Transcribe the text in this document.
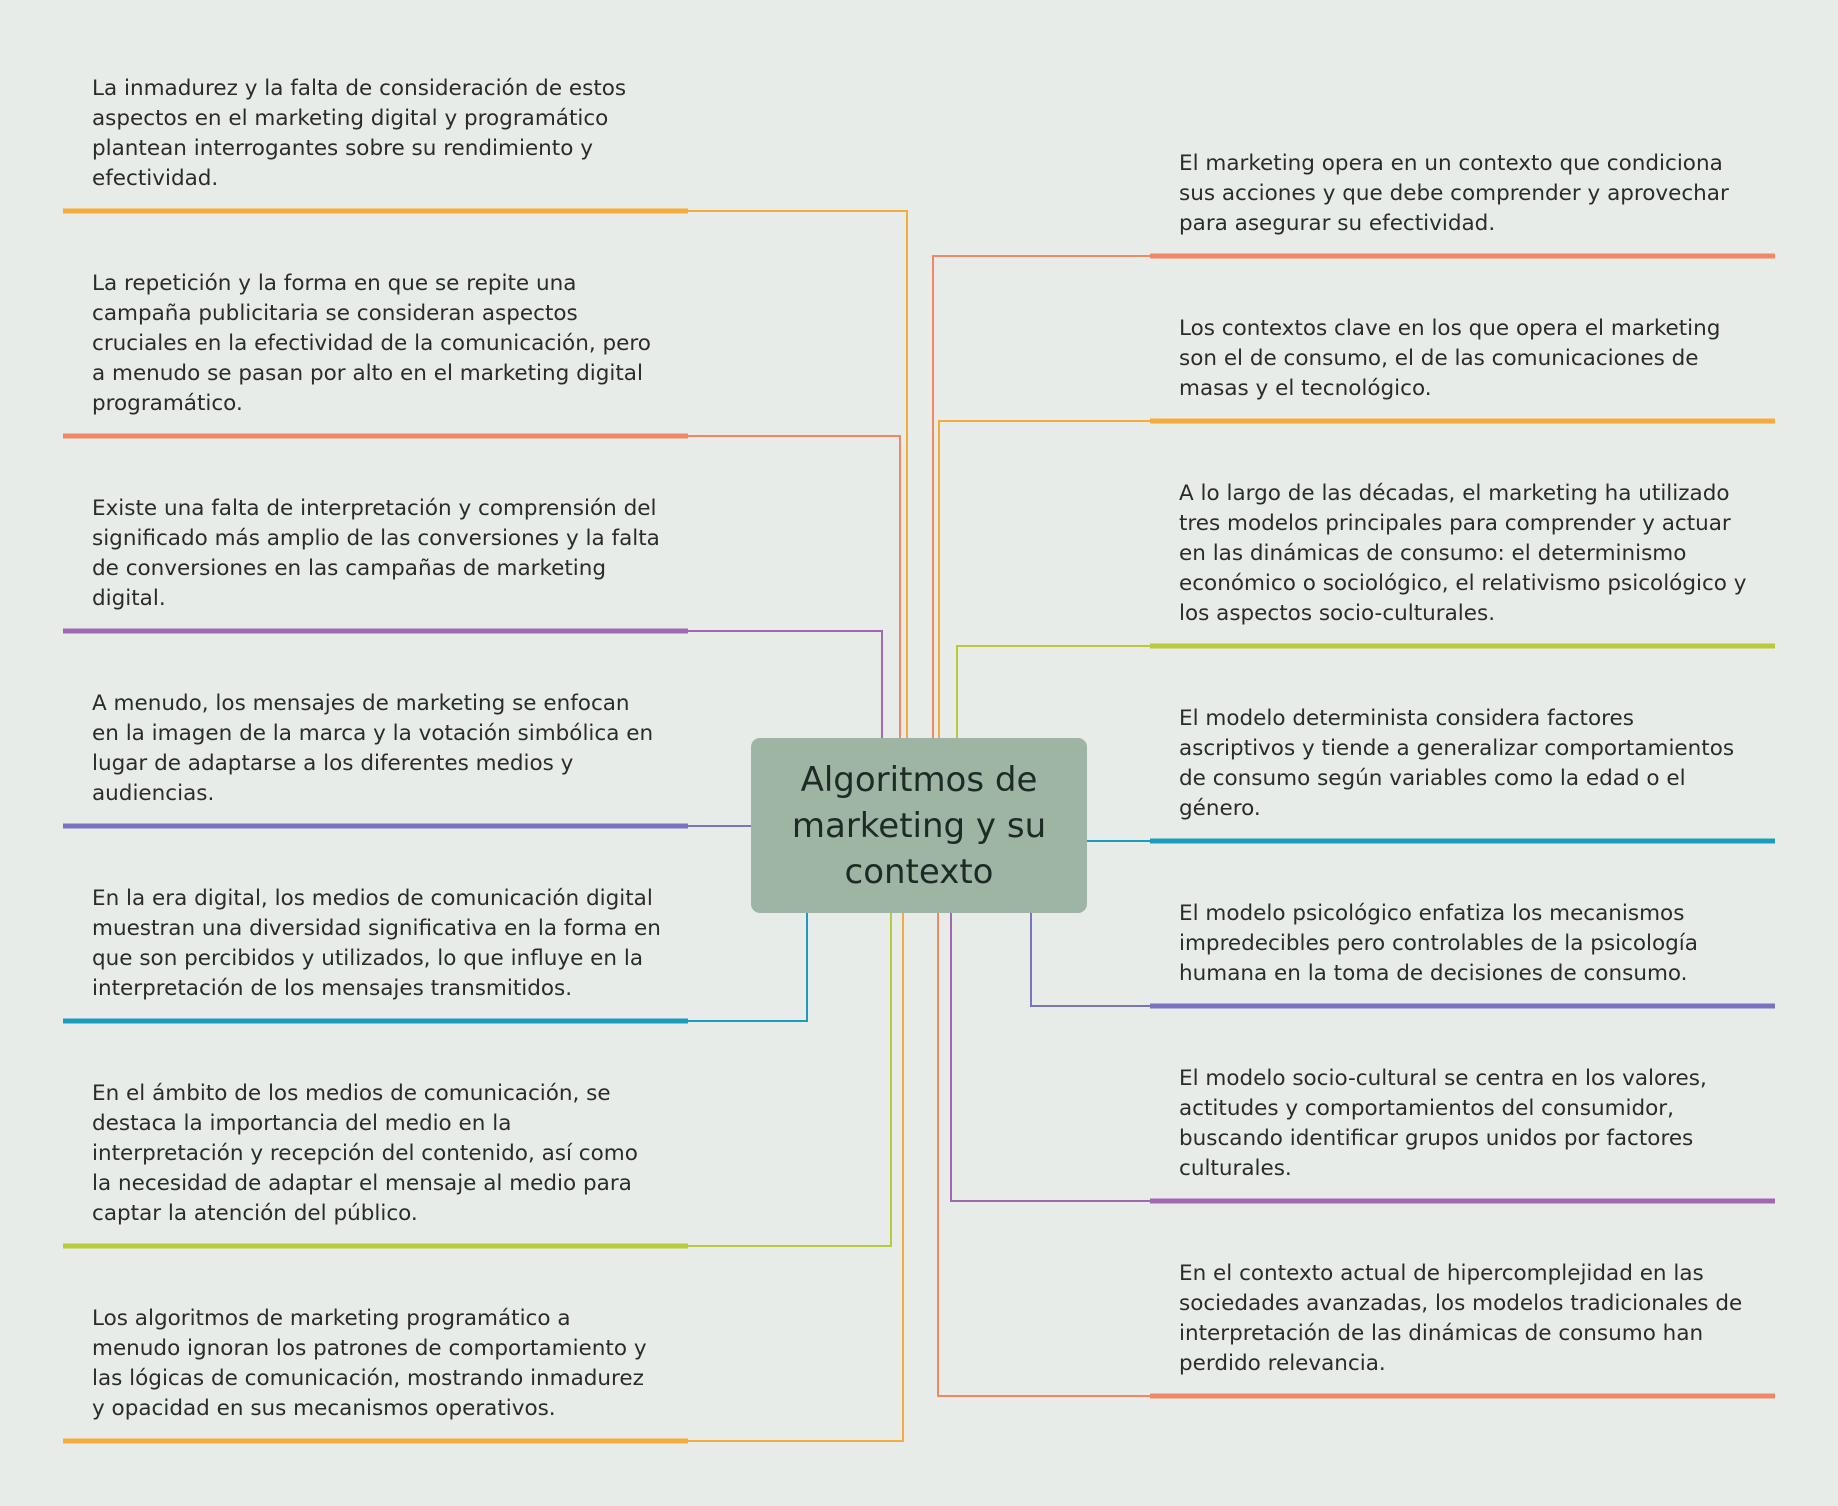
Algoritmos de marketing y su contexto

La inmadurez y la falta de consideración de estos aspectos en el marketing digital y programático plantean interrogantes sobre su rendimiento y efectividad.

La repetición y la forma en que se repite una campaña publicitaria se consideran aspectos cruciales en la efectividad de la comunicación, pero a menudo se pasan por alto en el marketing digital programático.

Existe una falta de interpretación y comprensión del significado más amplio de las conversiones y la falta de conversiones en las campañas de marketing digital.

A menudo, los mensajes de marketing se enfocan en la imagen de la marca y la votación simbólica en lugar de adaptarse a los diferentes medios y audiencias.

En la era digital, los medios de comunicación digital muestran una diversidad significativa en la forma en que son percibidos y utilizados, lo que influye en la interpretación de los mensajes transmitidos.

En el ámbito de los medios de comunicación, se destaca la importancia del medio en la interpretación y recepción del contenido, así como la necesidad de adaptar el mensaje al medio para captar la atención del público.

Los algoritmos de marketing programático a menudo ignoran los patrones de comportamiento y las lógicas de comunicación, mostrando inmadurez y opacidad en sus mecanismos operativos.

El marketing opera en un contexto que condiciona sus acciones y que debe comprender y aprovechar para asegurar su efectividad.

Los contextos clave en los que opera el marketing son el de consumo, el de las comunicaciones de masas y el tecnológico.

A lo largo de las décadas, el marketing ha utilizado tres modelos principales para comprender y actuar en las dinámicas de consumo: el determinismo económico o sociológico, el relativismo psicológico y los aspectos socio-culturales.

El modelo determinista considera factores ascriptivos y tiende a generalizar comportamientos de consumo según variables como la edad o el género.

El modelo psicológico enfatiza los mecanismos impredecibles pero controlables de la psicología humana en la toma de decisiones de consumo.

El modelo socio-cultural se centra en los valores, actitudes y comportamientos del consumidor, buscando identificar grupos unidos por factores culturales.

En el contexto actual de hipercomplejidad en las sociedades avanzadas, los modelos tradicionales de interpretación de las dinámicas de consumo han perdido relevancia.
